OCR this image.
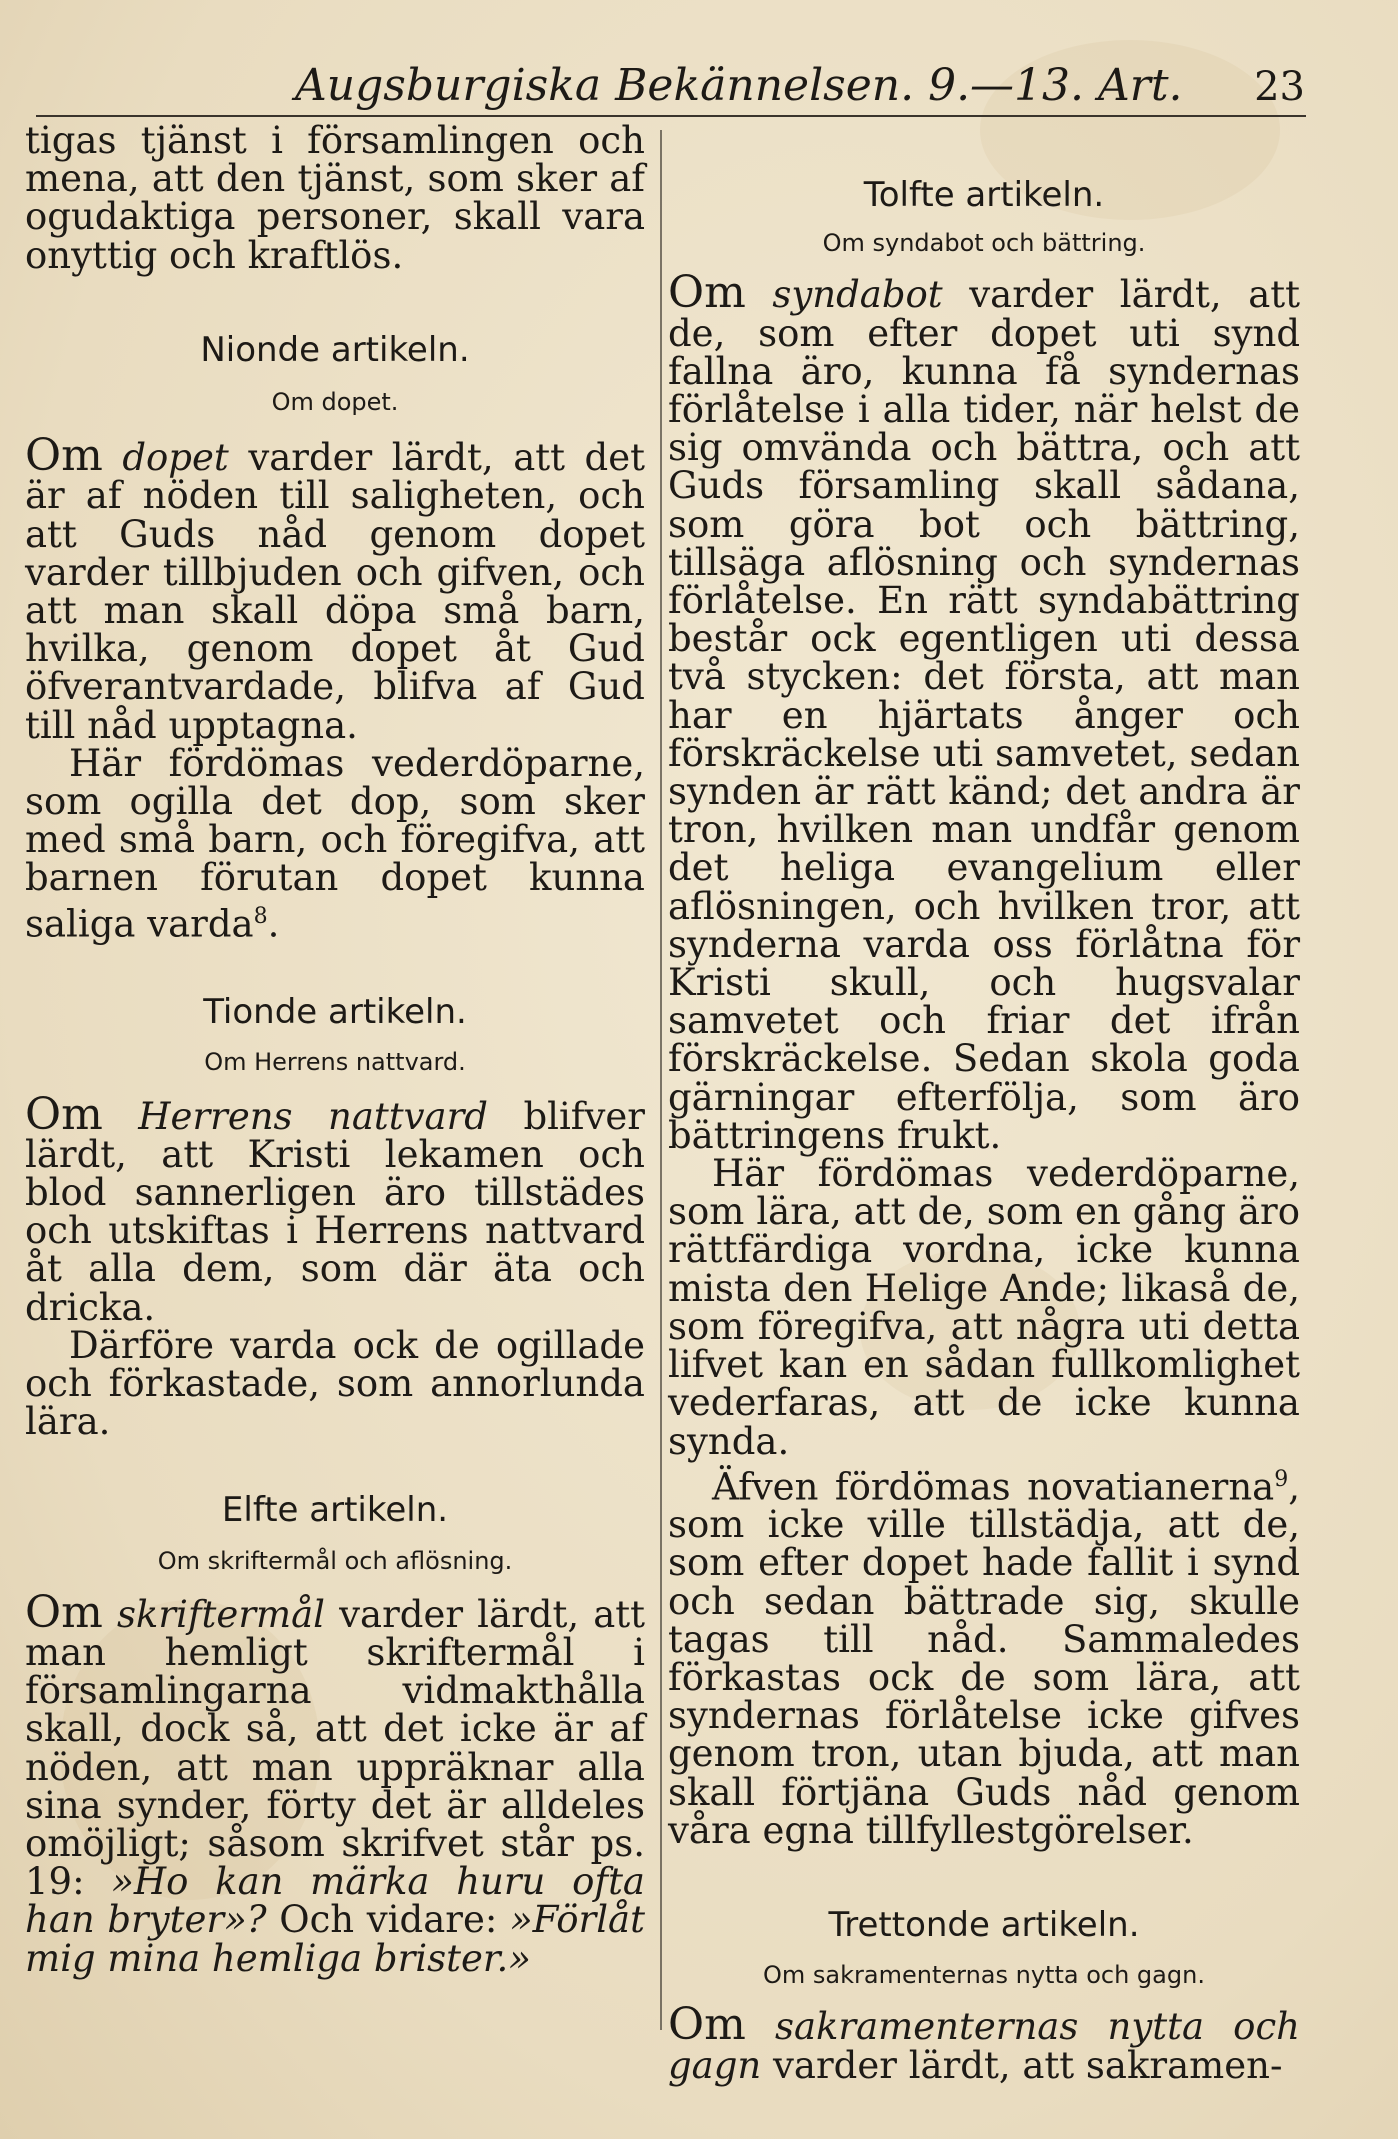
Augsburgiska Bekännelsen. 9.—13. Art. 23

tigas tjänst i församlingen och mena, att den tjänst, som sker af ogudaktiga personer, skall vara onyttig och kraftlös.

Nionde artikeln.

Om dopet.

Om dopet varder lärdt, att det är af nöden till saligheten, och att Guds nåd genom dopet varder tillbjuden och gifven, och att man skall döpa små barn, hvilka, genom dopet åt Gud öfverantvardade, blifva af Gud till nåd upptagna.

Här fördömas vederdöparne, som ogilla det dop, som sker med små barn, och föregifva, att barnen förutan dopet kunna saliga varda$^8$.

Tionde artikeln.

Om Herrens nattvard.

Om Herrens nattvard blifver lärdt, att Kristi lekamen och blod sannerligen äro tillstädes och utskiftas i Herrens nattvard åt alla dem, som där äta och dricka.

Därföre varda ock de ogillade och förkastade, som annorlunda lära.

Elfte artikeln.

Om skriftermål och aflösning.

Om skriftermål varder lärdt, att man hemligt skriftermål i församlingarna vidmakthålla skall, dock så, att det icke är af nöden, att man uppräknar alla sina synder, förty det är alldeles omöjligt; såsom skrifvet står ps. 19: »Ho kan märka huru ofta han bryter»? Och vidare: »Förlåt mig mina hemliga brister.»

Tolfte artikeln.

Om syndabot och bättring.

Om syndabot varder lärdt, att de, som efter dopet uti synd fallna äro, kunna få syndernas förlåtelse i alla tider, när helst de sig omvända och bättra, och att Guds församling skall sådana, som göra bot och bättring, tillsäga aflösning och syndernas förlåtelse. En rätt syndabättring består ock egentligen uti dessa två stycken: det första, att man har en hjärtats ånger och förskräckelse uti samvetet, sedan synden är rätt känd; det andra är tron, hvilken man undfår genom det heliga evangelium eller aflösningen, och hvilken tror, att synderna varda oss förlåtna för Kristi skull, och hugsvalar samvetet och friar det ifrån förskräckelse. Sedan skola goda gärningar efterfölja, som äro bättringens frukt.

Här fördömas vederdöparne, som lära, att de, som en gång äro rättfärdiga vordna, icke kunna mista den Helige Ande; likaså de, som föregifva, att några uti detta lifvet kan en sådan fullkomlighet vederfaras, att de icke kunna synda.

Äfven fördömas novatianerna$^9$, som icke ville tillstädja, att de, som efter dopet hade fallit i synd och sedan bättrade sig, skulle tagas till nåd. Sammaledes förkastas ock de som lära, att syndernas förlåtelse icke gifves genom tron, utan bjuda, att man skall förtjäna Guds nåd genom våra egna tillfyllestgörelser.

Trettonde artikeln.

Om sakramenternas nytta och gagn.

Om sakramenternas nytta och gagn varder lärdt, att sakramen-
